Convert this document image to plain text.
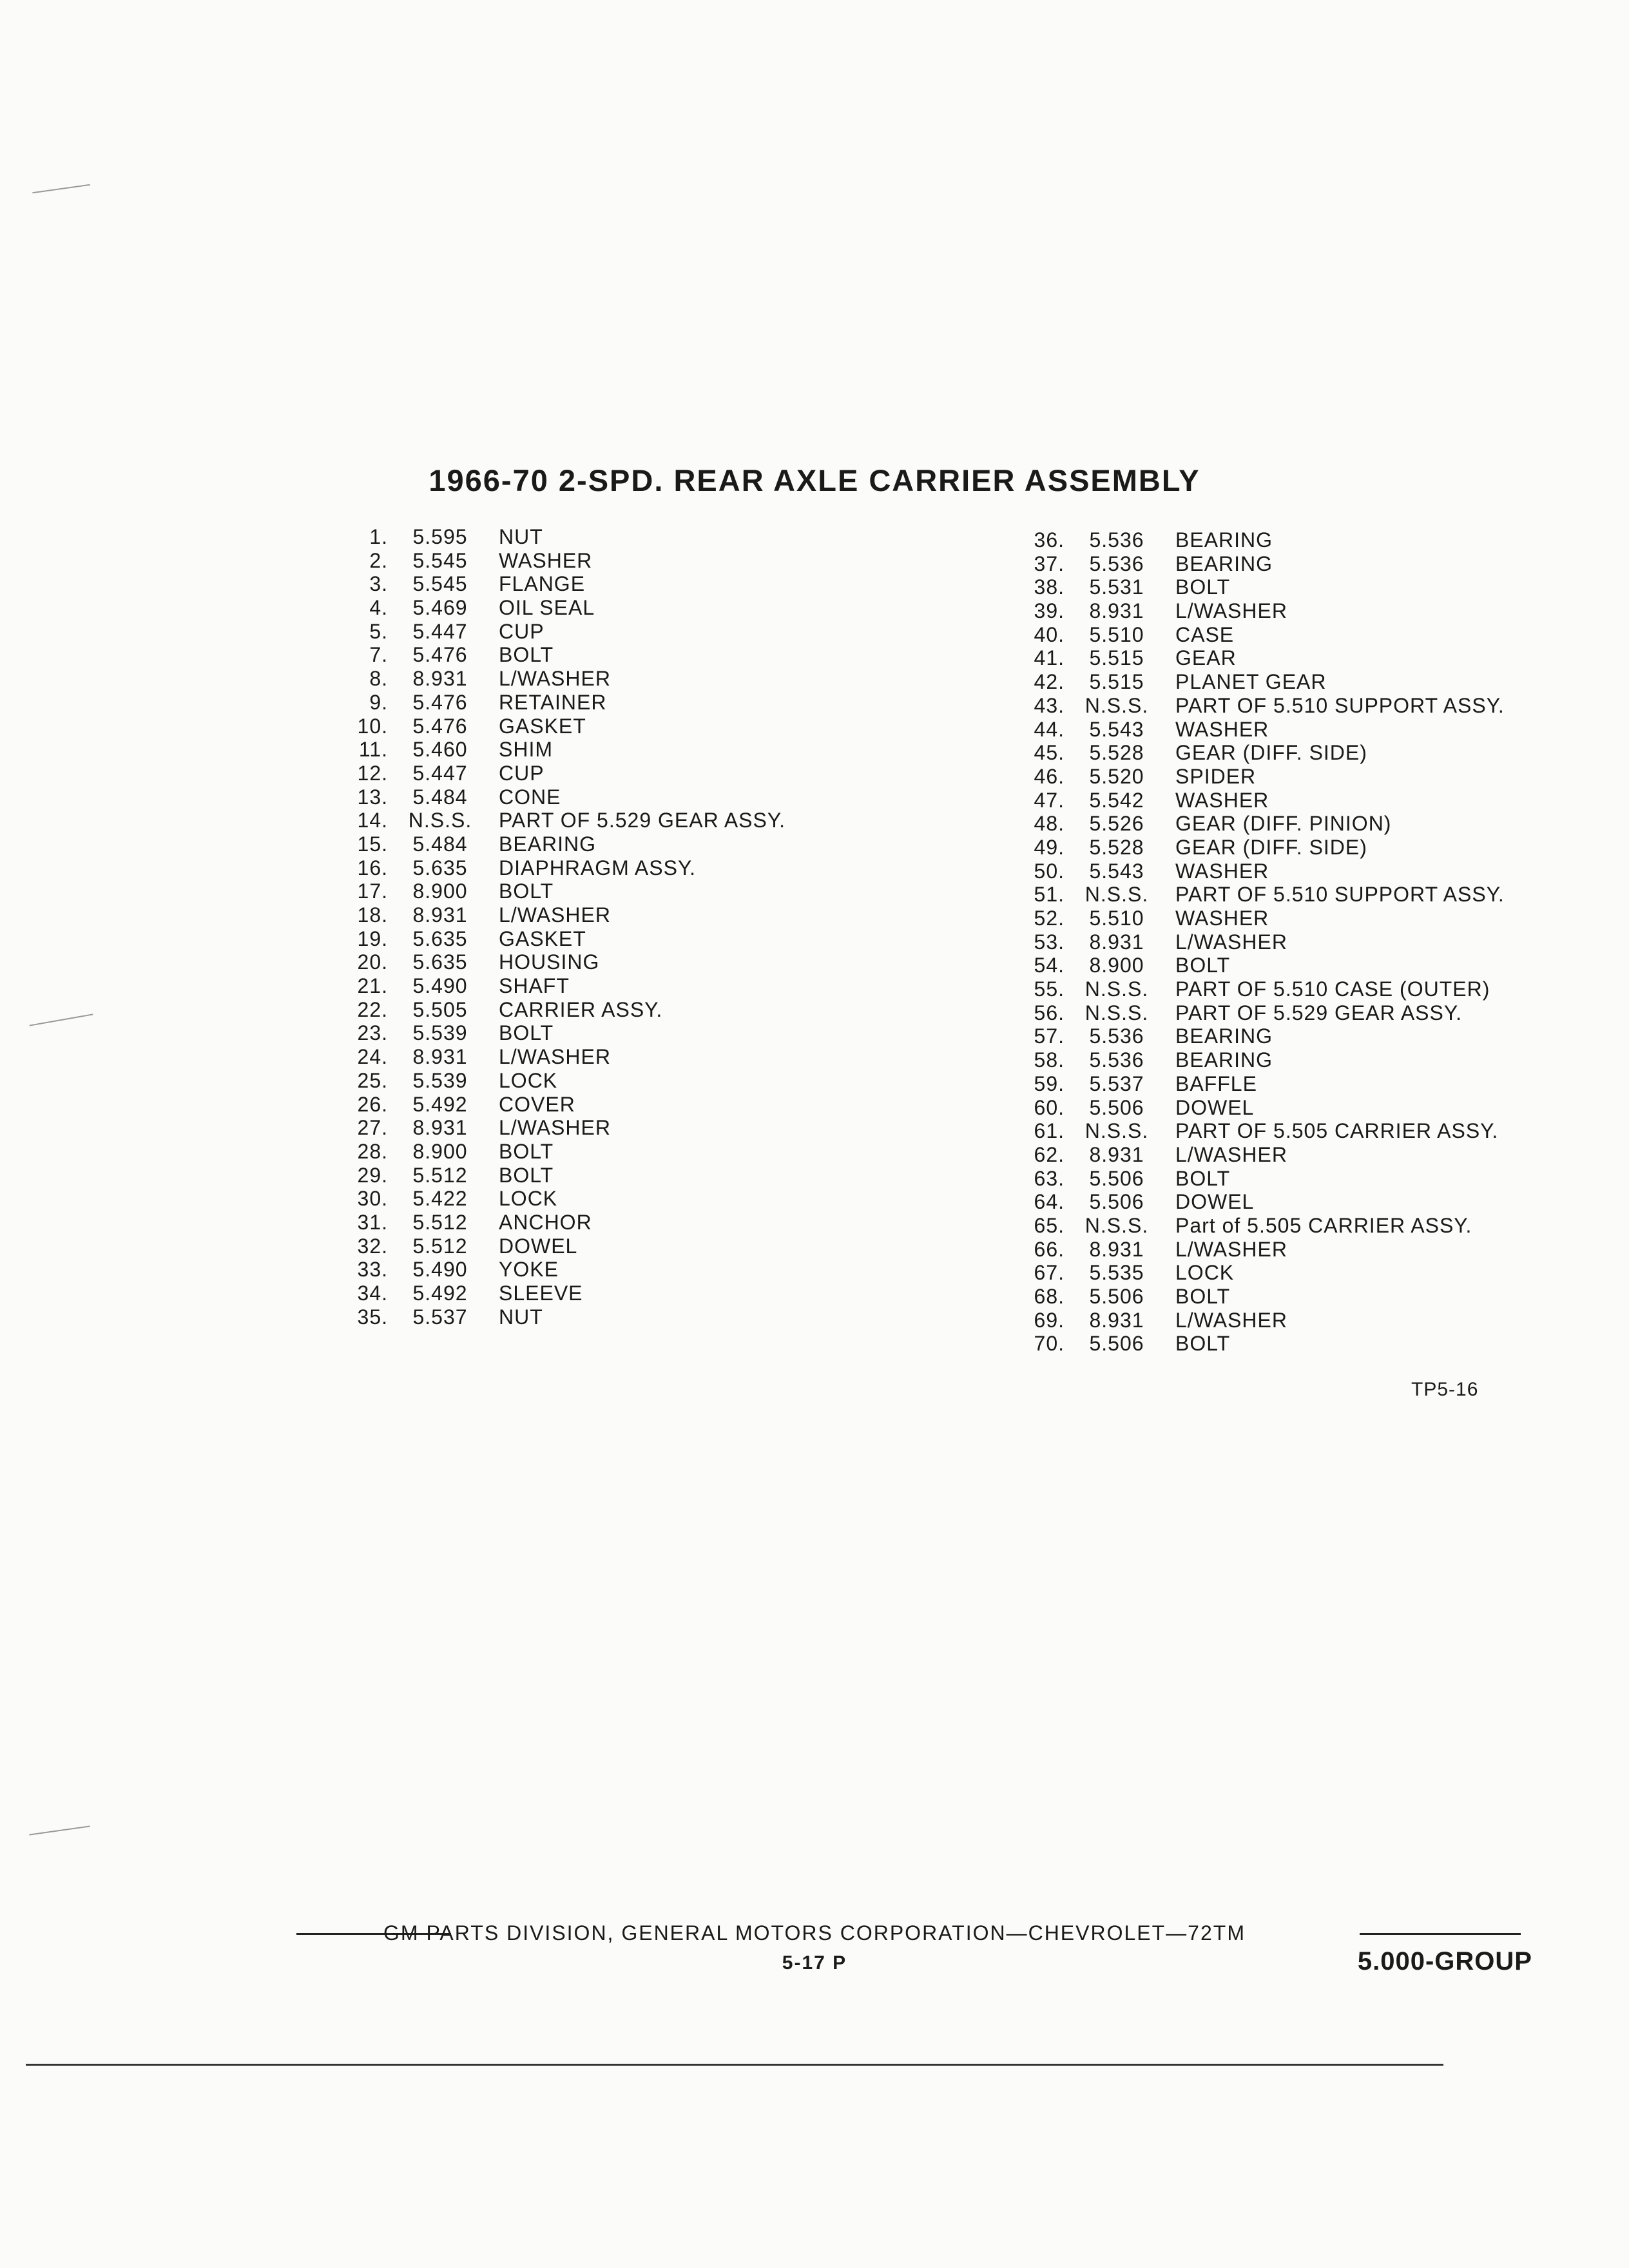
1966-70 2-SPD. REAR AXLE CARRIER ASSEMBLY
1. 5.595 NUT
2. 5.545 WASHER
3. 5.545 FLANGE
4. 5.469 OIL SEAL
5. 5.447 CUP
7. 5.476 BOLT
8. 8.931 L/WASHER
9. 5.476 RETAINER
10. 5.476 GASKET
11. 5.460 SHIM
12. 5.447 CUP
13. 5.484 CONE
14. N.S.S. PART OF 5.529 GEAR ASSY.
15. 5.484 BEARING
16. 5.635 DIAPHRAGM ASSY.
17. 8.900 BOLT
18. 8.931 L/WASHER
19. 5.635 GASKET
20. 5.635 HOUSING
21. 5.490 SHAFT
22. 5.505 CARRIER ASSY.
23. 5.539 BOLT
24. 8.931 L/WASHER
25. 5.539 LOCK
26. 5.492 COVER
27. 8.931 L/WASHER
28. 8.900 BOLT
29. 5.512 BOLT
30. 5.422 LOCK
31. 5.512 ANCHOR
32. 5.512 DOWEL
33. 5.490 YOKE
34. 5.492 SLEEVE
35. 5.537 NUT
36. 5.536 BEARING
37. 5.536 BEARING
38. 5.531 BOLT
39. 8.931 L/WASHER
40. 5.510 CASE
41. 5.515 GEAR
42. 5.515 PLANET GEAR
43. N.S.S. PART OF 5.510 SUPPORT ASSY.
44. 5.543 WASHER
45. 5.528 GEAR (DIFF. SIDE)
46. 5.520 SPIDER
47. 5.542 WASHER
48. 5.526 GEAR (DIFF. PINION)
49. 5.528 GEAR (DIFF. SIDE)
50. 5.543 WASHER
51. N.S.S. PART OF 5.510 SUPPORT ASSY.
52. 5.510 WASHER
53. 8.931 L/WASHER
54. 8.900 BOLT
55. N.S.S. PART OF 5.510 CASE (OUTER)
56. N.S.S. PART OF 5.529 GEAR ASSY.
57. 5.536 BEARING
58. 5.536 BEARING
59. 5.537 BAFFLE
60. 5.506 DOWEL
61. N.S.S. PART OF 5.505 CARRIER ASSY.
62. 8.931 L/WASHER
63. 5.506 BOLT
64. 5.506 DOWEL
65. N.S.S. Part of 5.505 CARRIER ASSY.
66. 8.931 L/WASHER
67. 5.535 LOCK
68. 5.506 BOLT
69. 8.931 L/WASHER
70. 5.506 BOLT
TP5-16
GM PARTS DIVISION, GENERAL MOTORS CORPORATION—CHEVROLET—72TM
5-17 P	5.000-GROUP
